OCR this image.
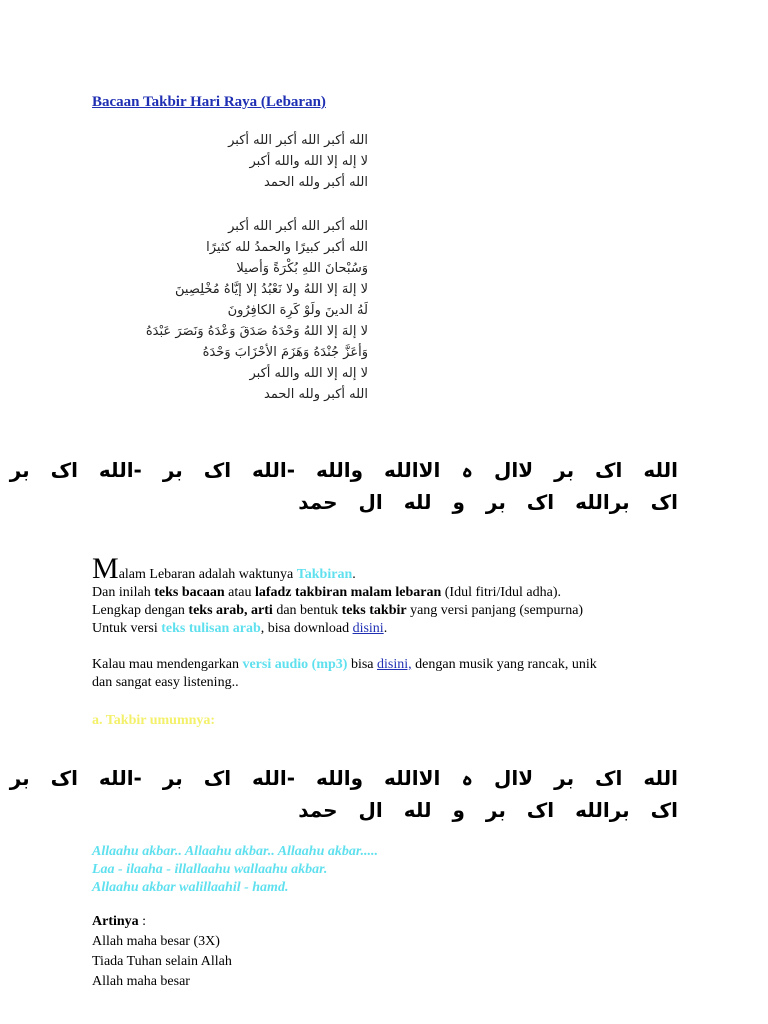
Bacaan Takbir Hari Raya (Lebaran)
الله أكبر الله أكبر الله أكبر
لا إله إلا الله والله أكبر
الله أكبر ولله الحمد
الله أكبر الله أكبر الله أكبر
الله أكبر كبيرًا والحمدُ لله كثيرًا
وَسُبْحانَ اللهِ بُكْرَةً وَأصيلا
لا إلهَ إلا اللهُ ولا نَعْبُدُ إلا إيَّاهُ مُخْلِصِينَ
لَهُ الدينَ ولَوْ كَرِهَ الكافِرُونَ
لا إلهَ إلا اللهُ وَحْدَهُ صَدَقَ وَعْدَهُ وَنَصَرَ عَبْدَهُ
وَأعَزَّ جُنْدَهُ وَهَزَمَ الأحْزَابَ وَحْدَهُ
لا إله إلا الله والله أكبر
الله أكبر ولله الحمد
الله اک بر لاال ہ الاالله والله -الله اک بر -الله اک بر
اک برالله اک بر و لله ال حمد

Malam Lebaran adalah waktunya Takbiran.

Dan inilah teks bacaan atau lafadz takbiran malam lebaran (Idul fitri/Idul adha).

Lengkap dengan teks arab, arti dan bentuk teks takbir yang versi panjang (sempurna)

Untuk versi teks tulisan arab, bisa download disini.

Kalau mau mendengarkan versi audio (mp3) bisa disini, dengan musik yang rancak, unik

dan sangat easy listening..

a. Takbir umumnya:
الله اک بر لاال ہ الاالله والله -الله اک بر -الله اک بر
اک برالله اک بر و لله ال حمد
Allaahu akbar.. Allaahu akbar.. Allaahu akbar.....
Laa - ilaaha - illallaahu wallaahu akbar.
Allaahu akbar walillaahil - hamd.
Artinya :
Allah maha besar (3X)
Tiada Tuhan selain Allah
Allah maha besar
